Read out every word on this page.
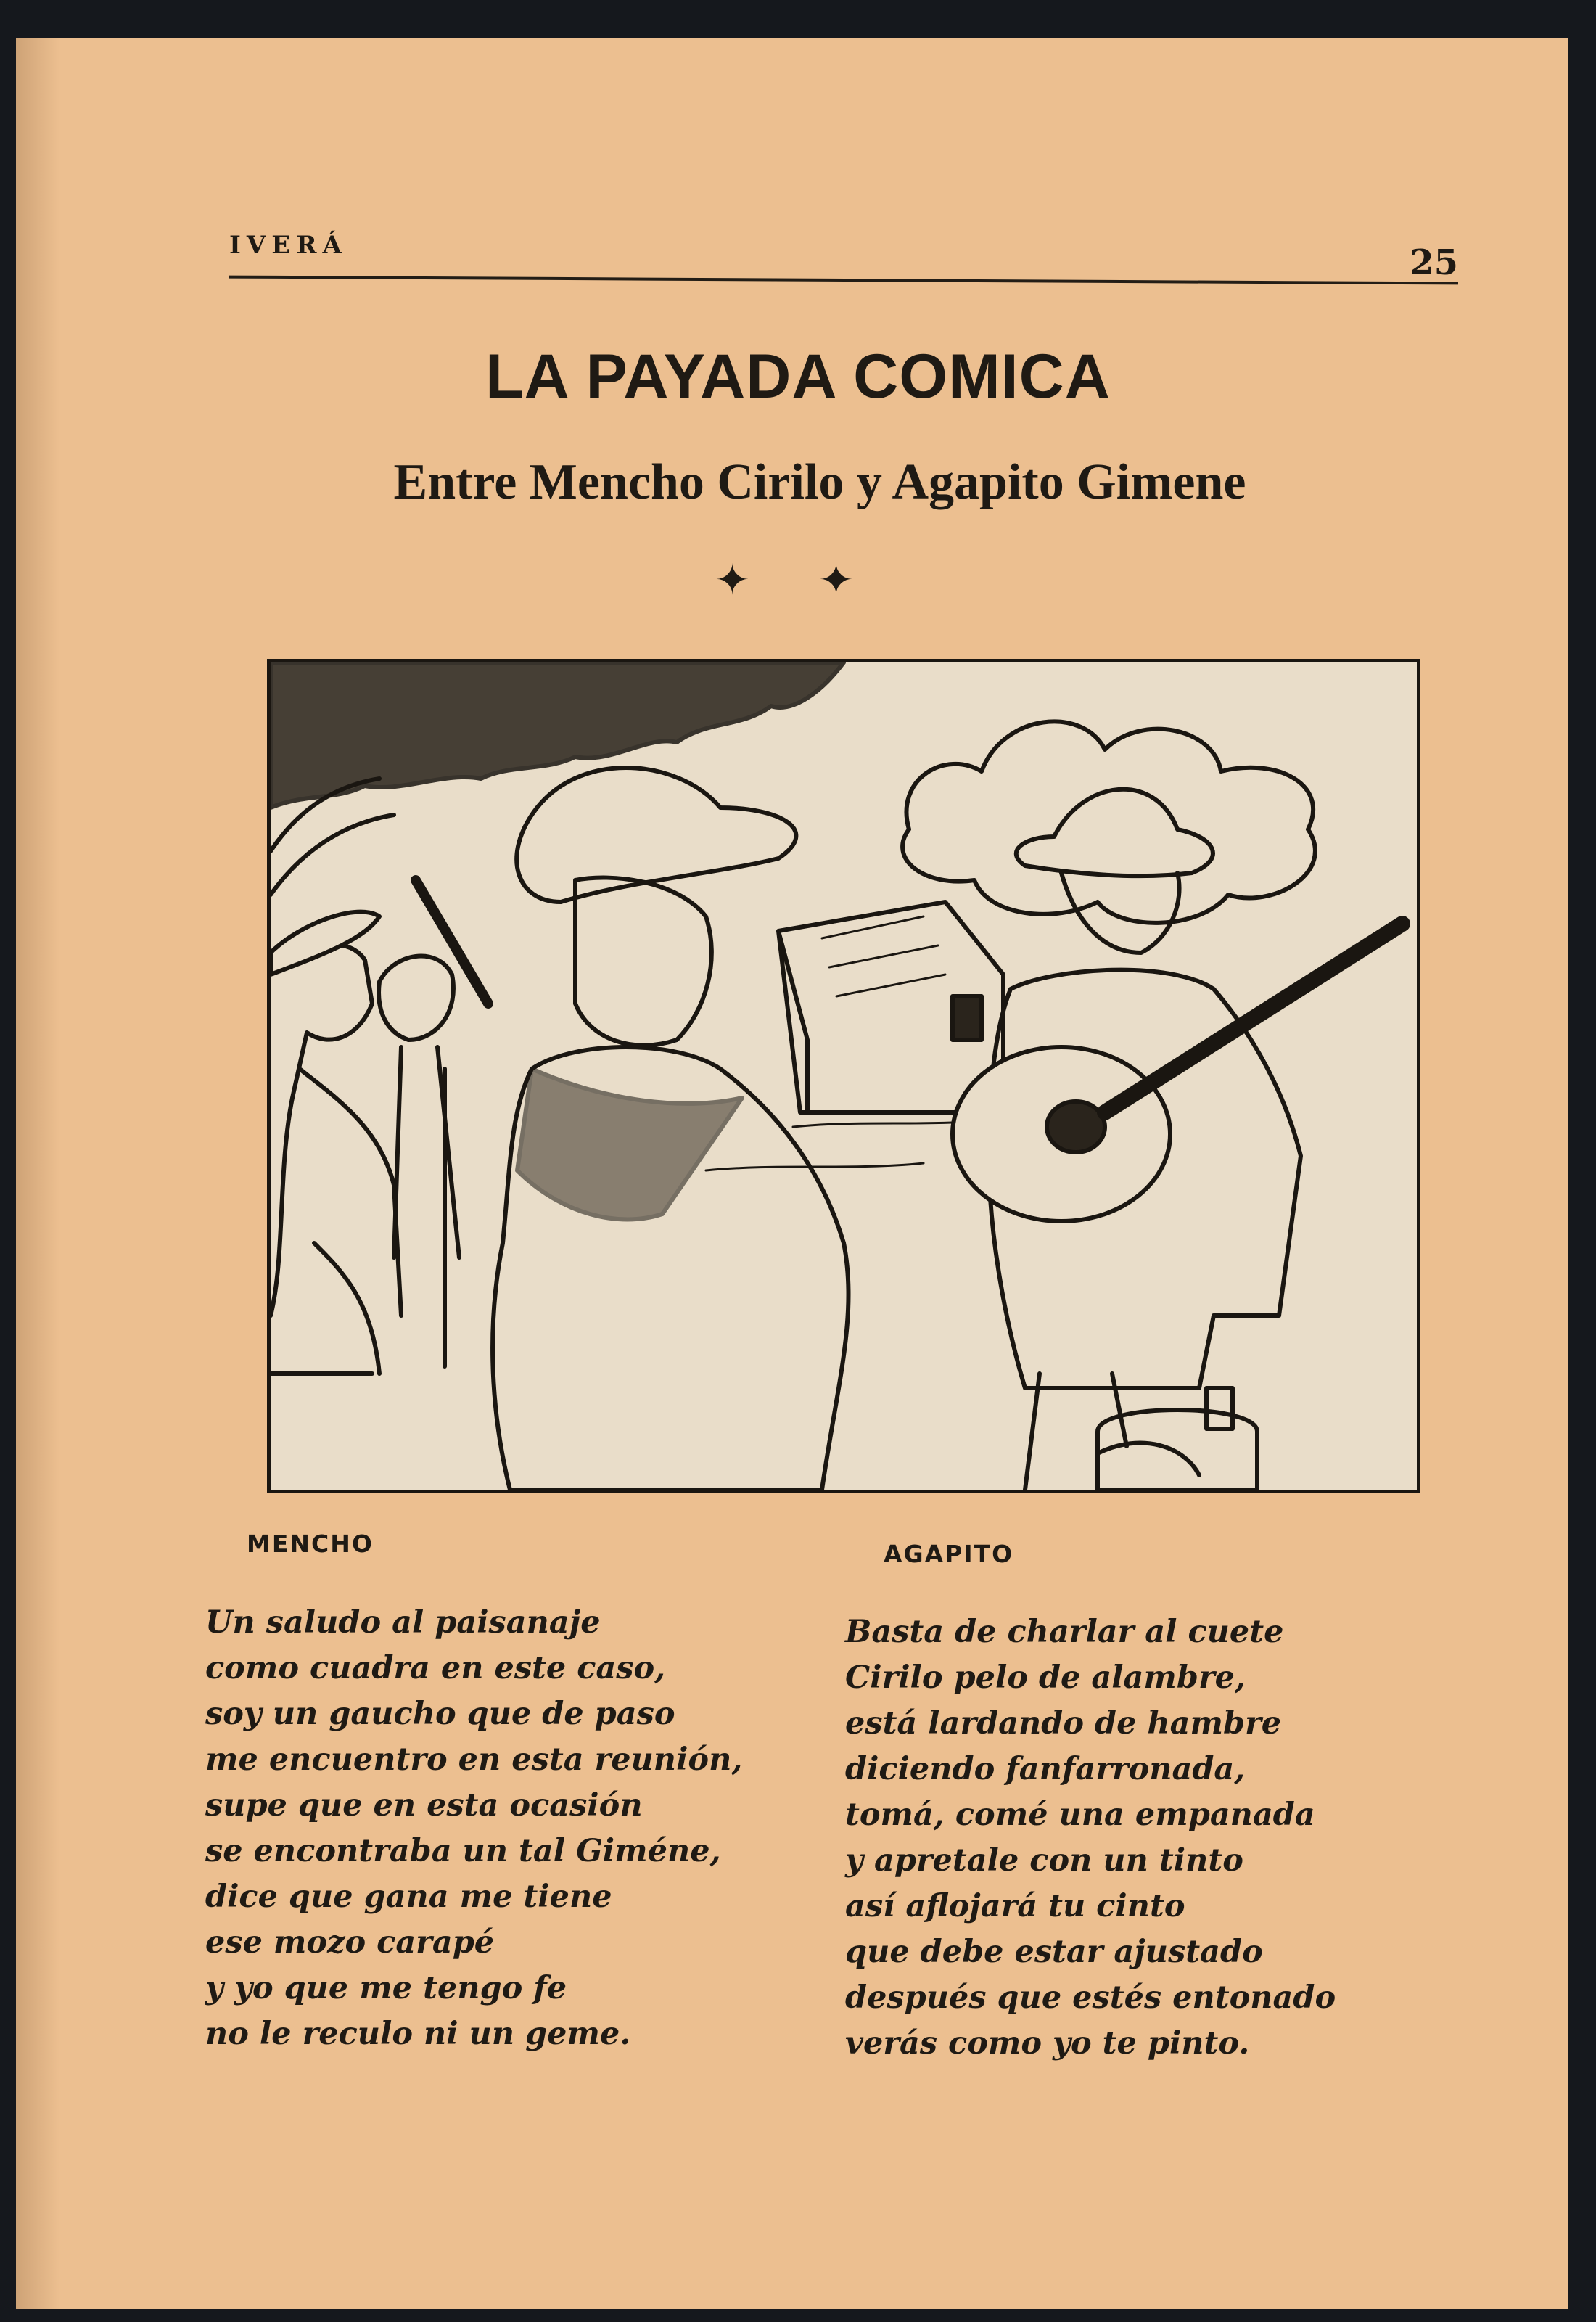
IVERÁ	25
LA PAYADA COMICA
Entre Mencho Cirilo y Agapito Gimene
✦ ✦
MENCHO	AGAPITO
Un saludo al paisanaje
como cuadra en este caso,
soy un gaucho que de paso
me encuentro en esta reunión,
supe que en esta ocasión
se encontraba un tal Giméne,
dice que gana me tiene
ese mozo carapé
y yo que me tengo fe
no le reculo ni un geme.
Basta de charlar al cuete
Cirilo pelo de alambre,
está lardando de hambre
diciendo fanfarronada,
tomá, comé una empanada
y apretale con un tinto
así aflojará tu cinto
que debe estar ajustado
después que estés entonado
verás como yo te pinto.
